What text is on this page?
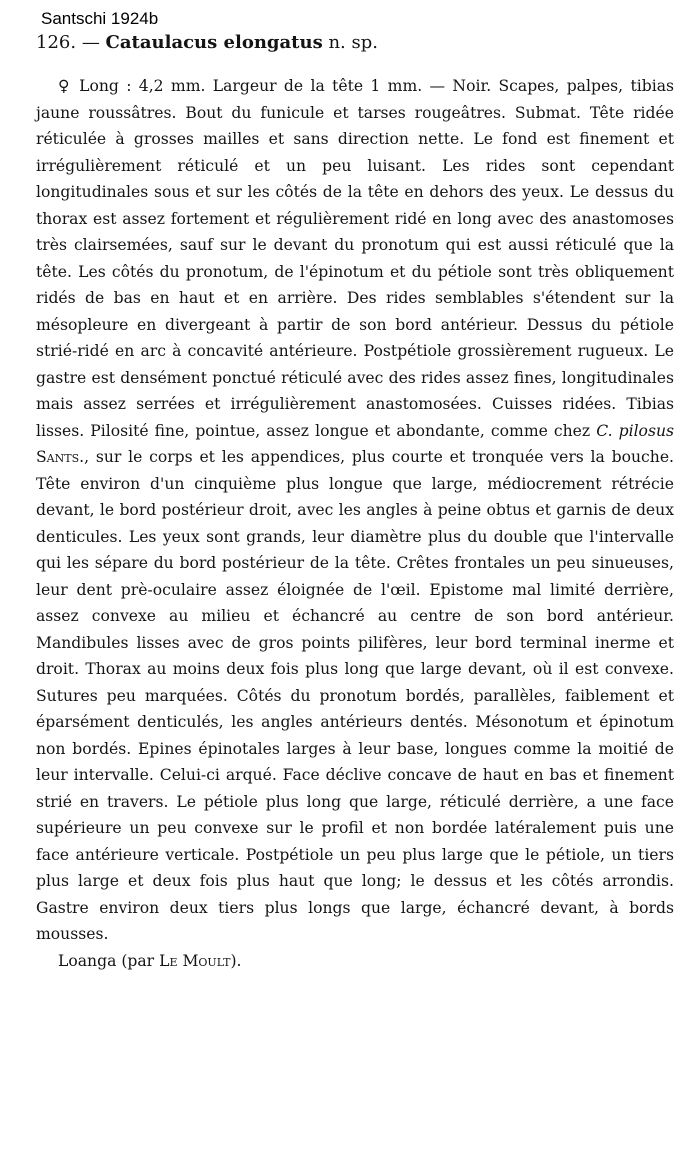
Santschi 1924b
126. — Cataulacus elongatus n. sp.

♀ Long : 4,2 mm. Largeur de la tête 1 mm. — Noir. Scapes, palpes, tibias jaune roussâtres. Bout du funicule et tarses rougeâtres. Submat. Tête ridée réticulée à grosses mailles et sans direction nette. Le fond est finement et irrégulièrement réticulé et un peu luisant. Les rides sont cependant longitudinales sous et sur les côtés de la tête en dehors des yeux. Le dessus du thorax est assez fortement et régulièrement ridé en long avec des anastomoses très clairsemées, sauf sur le devant du pronotum qui est aussi réticulé que la tête. Les côtés du pronotum, de l'épinotum et du pétiole sont très obliquement ridés de bas en haut et en arrière. Des rides semblables s'étendent sur la mésopleure en divergeant à partir de son bord antérieur. Dessus du pétiole strié-ridé en arc à concavité antérieure. Postpétiole grossièrement rugueux. Le gastre est densément ponctué réticulé avec des rides assez fines, longitudinales mais assez serrées et irrégulièrement anastomosées. Cuisses ridées. Tibias lisses. Pilosité fine, pointue, assez longue et abondante, comme chez C. pilosus Sants., sur le corps et les appendices, plus courte et tronquée vers la bouche. Tête environ d'un cinquième plus longue que large, médiocrement rétrécie devant, le bord postérieur droit, avec les angles à peine obtus et garnis de deux denticules. Les yeux sont grands, leur diamètre plus du double que l'intervalle qui les sépare du bord postérieur de la tête. Crêtes frontales un peu sinueuses, leur dent prè-oculaire assez éloignée de l'œil. Epistome mal limité derrière, assez convexe au milieu et échancré au centre de son bord antérieur. Mandibules lisses avec de gros points pilifères, leur bord terminal inerme et droit. Thorax au moins deux fois plus long que large devant, où il est convexe. Sutures peu marquées. Côtés du pronotum bordés, parallèles, faiblement et éparsément denticulés, les angles antérieurs dentés. Mésonotum et épinotum non bordés. Epines épinotales larges à leur base, longues comme la moitié de leur intervalle. Celui-ci arqué. Face déclive concave de haut en bas et finement strié en travers. Le pétiole plus long que large, réticulé derrière, a une face supérieure un peu convexe sur le profil et non bordée latéralement puis une face antérieure verticale. Postpétiole un peu plus large que le pétiole, un tiers plus large et deux fois plus haut que long; le dessus et les côtés arrondis. Gastre environ deux tiers plus longs que large, échancré devant, à bords mousses.

Loanga (par Le Moult).
